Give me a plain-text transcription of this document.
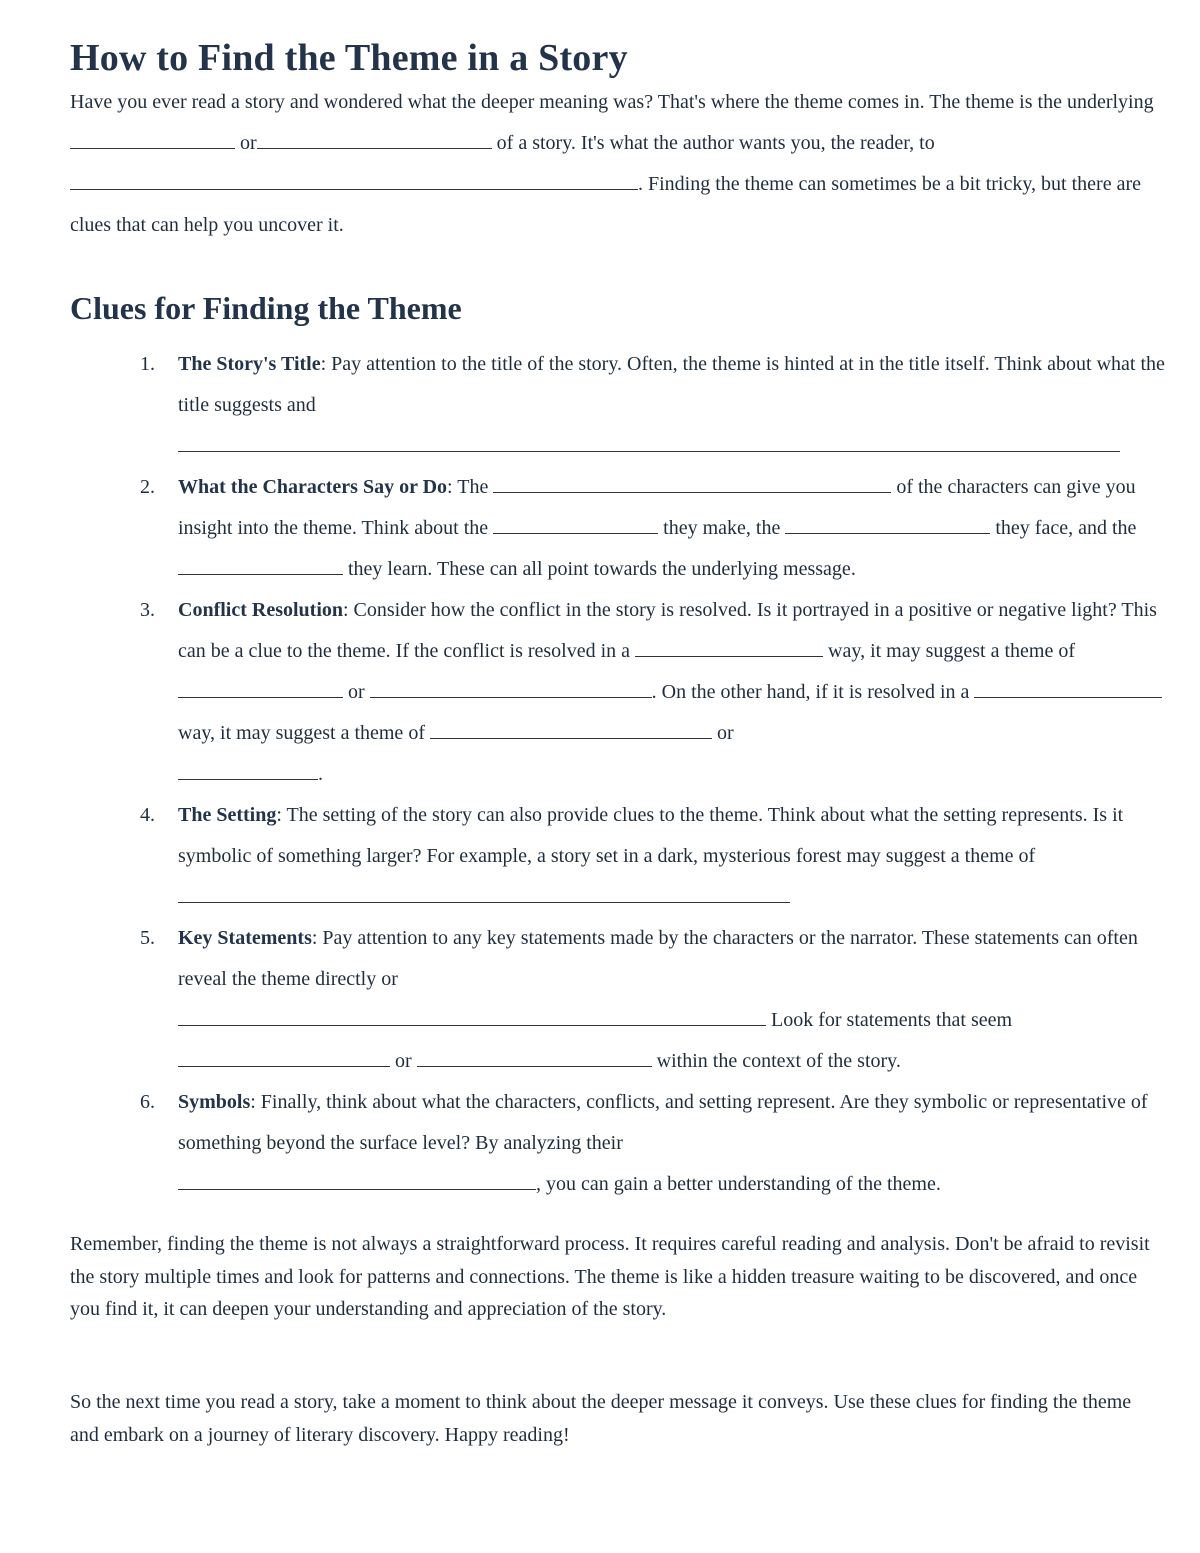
How to Find the Theme in a Story

Have you ever read a story and wondered what the deeper meaning was? That's where the theme comes in. The theme is the underlying  or	of a story. It's what the author wants you, the reader, to . Finding the theme can sometimes be a bit tricky, but there are clues that can help you uncover it.

Clues for Finding the Theme
1. The Story's Title: Pay attention to the title of the story. Often, the theme is hinted at in the title itself. Think about what the title suggests and
2. What the Characters Say or Do: The	of the characters can give you insight into the theme. Think about the	they make, the	they face, and the  they learn. These can all point towards the underlying message.
3. Conflict Resolution: Consider how the conflict in the story is resolved. Is it portrayed in a positive or negative light? This can be a clue to the theme. If the conflict is resolved in a	way, it may suggest a theme of  or	. On the other hand, if it is resolved in a  way, it may suggest a theme of	or
.
4. The Setting: The setting of the story can also provide clues to the theme. Think about what the setting represents. Is it symbolic of something larger? For example, a story set in a dark, mysterious forest may suggest a theme of
5. Key Statements: Pay attention to any key statements made by the characters or the narrator. These statements can often reveal the theme directly or
Look for statements that seem
or	within the context of the story.
6. Symbols: Finally, think about what the characters, conflicts, and setting represent. Are they symbolic or representative of something beyond the surface level? By analyzing their
, you can gain a better understanding of the theme.

Remember, finding the theme is not always a straightforward process. It requires careful reading and analysis. Don't be afraid to revisit the story multiple times and look for patterns and connections. The theme is like a hidden treasure waiting to be discovered, and once you find it, it can deepen your understanding and appreciation of the story.

So the next time you read a story, take a moment to think about the deeper message it conveys. Use these clues for finding the theme and embark on a journey of literary discovery. Happy reading!
